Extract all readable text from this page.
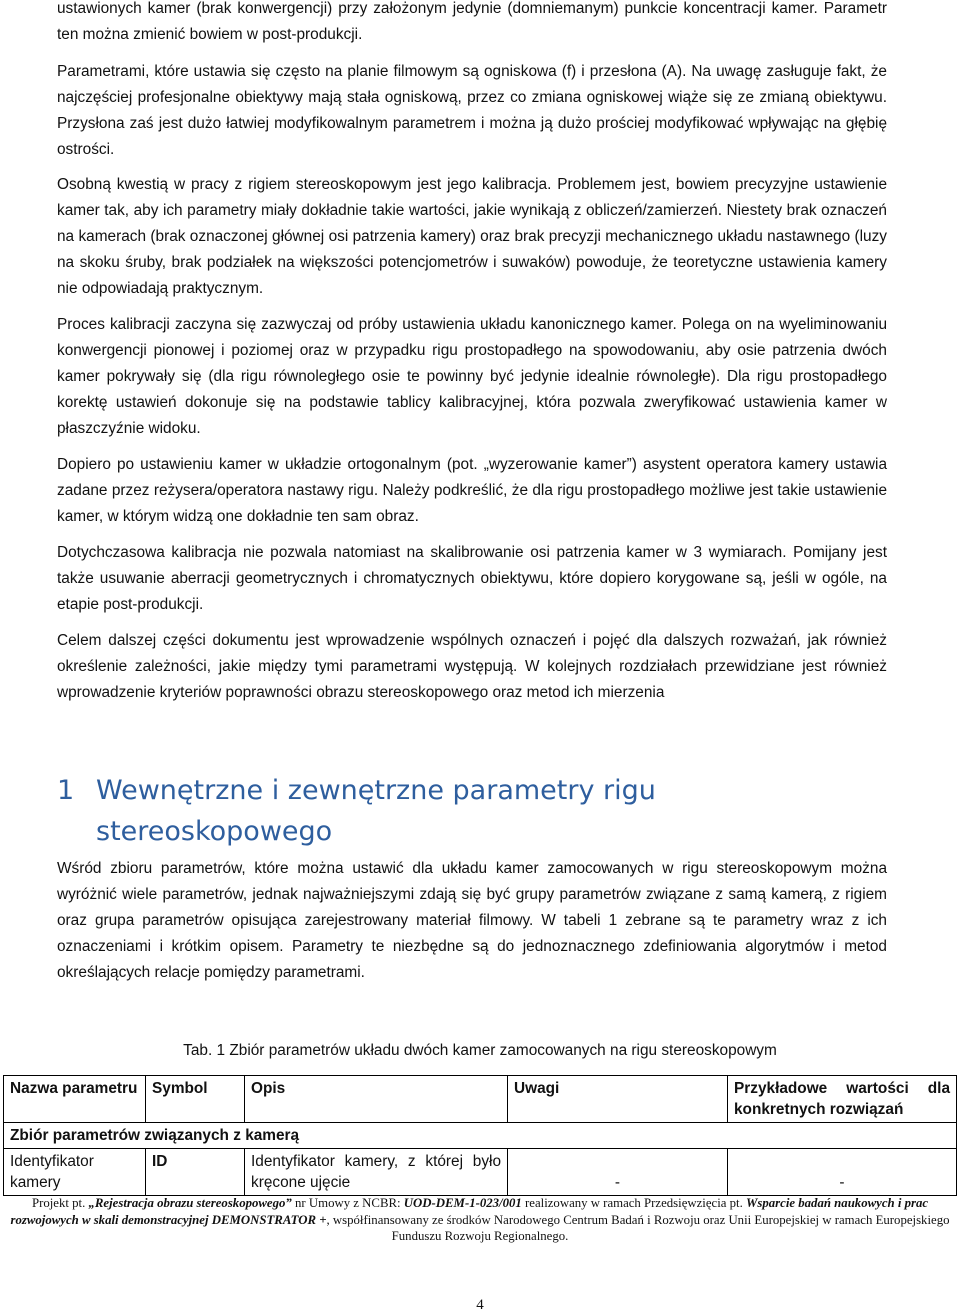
ustawionych kamer (brak konwergencji) przy założonym jedynie (domniemanym) punkcie koncentracji kamer. Parametr ten można zmienić bowiem w post-produkcji.

Parametrami, które ustawia się często na planie filmowym są ogniskowa (f) i przesłona (A). Na uwagę zasługuje fakt, że najczęściej profesjonalne obiektywy mają stała ogniskową, przez co zmiana ogniskowej wiąże się ze zmianą obiektywu. Przysłona zaś jest dużo łatwiej modyfikowalnym parametrem i można ją dużo prościej modyfikować wpływając na głębię ostrości.

Osobną kwestią w pracy z rigiem stereoskopowym jest jego kalibracja. Problemem jest, bowiem precyzyjne ustawienie kamer tak, aby ich parametry miały dokładnie takie wartości, jakie wynikają z obliczeń/zamierzeń. Niestety brak oznaczeń na kamerach (brak oznaczonej głównej osi patrzenia kamery) oraz brak precyzji mechanicznego układu nastawnego (luzy na skoku śruby, brak podziałek na większości potencjometrów i suwaków) powoduje, że teoretyczne ustawienia kamery nie odpowiadają praktycznym.

Proces kalibracji zaczyna się zazwyczaj od próby ustawienia układu kanonicznego kamer. Polega on na wyeliminowaniu konwergencji pionowej i poziomej oraz w przypadku rigu prostopadłego na spowodowaniu, aby osie patrzenia dwóch kamer pokrywały się (dla rigu równoległego osie te powinny być jedynie idealnie równoległe). Dla rigu prostopadłego korektę ustawień dokonuje się na podstawie tablicy kalibracyjnej, która pozwala zweryfikować ustawienia kamer w płaszczyźnie widoku.

Dopiero po ustawieniu kamer w układzie ortogonalnym (pot. „wyzerowanie kamer”) asystent operatora kamery ustawia zadane przez reżysera/operatora nastawy rigu. Należy podkreślić, że dla rigu prostopadłego możliwe jest takie ustawienie kamer, w którym widzą one dokładnie ten sam obraz.

Dotychczasowa kalibracja nie pozwala natomiast na skalibrowanie osi patrzenia kamer w 3 wymiarach. Pomijany jest także usuwanie aberracji geometrycznych i chromatycznych obiektywu, które dopiero korygowane są, jeśli w ogóle, na etapie post-produkcji.

Celem dalszej części dokumentu jest wprowadzenie wspólnych oznaczeń i pojęć dla dalszych rozważań, jak również określenie zależności, jakie między tymi parametrami występują. W kolejnych rozdziałach przewidziane jest również wprowadzenie kryteriów poprawności obrazu stereoskopowego oraz metod ich mierzenia

1 Wewnętrzne i zewnętrzne parametry rigu stereoskopowego

Wśród zbioru parametrów, które można ustawić dla układu kamer zamocowanych w rigu stereoskopowym można wyróżnić wiele parametrów, jednak najważniejszymi zdają się być grupy parametrów związane z samą kamerą, z rigiem oraz grupa parametrów opisująca zarejestrowany materiał filmowy. W tabeli 1 zebrane są te parametry wraz z ich oznaczeniami i krótkim opisem. Parametry te niezbędne są do jednoznacznego zdefiniowania algorytmów i metod określających relacje pomiędzy parametrami.

Tab. 1 Zbiór parametrów układu dwóch kamer zamocowanych na rigu stereoskopowym
Nazwa parametru	Symbol	Opis	Uwagi	Przykładowe wartości dla konkretnych rozwiązań
Zbiór parametrów związanych z kamerą				
Identyfikator kamery	ID	Identyfikator kamery, z której było kręcone ujęcie	-	-
Projekt pt. „Rejestracja obrazu stereoskopowego” nr Umowy z NCBR: UOD-DEM-1-023/001 realizowany w ramach Przedsięwzięcia pt. Wsparcie badań naukowych i prac rozwojowych w skali demonstracyjnej DEMONSTRATOR +, współfinansowany ze środków Narodowego Centrum Badań i Rozwoju oraz Unii Europejskiej w ramach Europejskiego Funduszu Rozwoju Regionalnego.
4
